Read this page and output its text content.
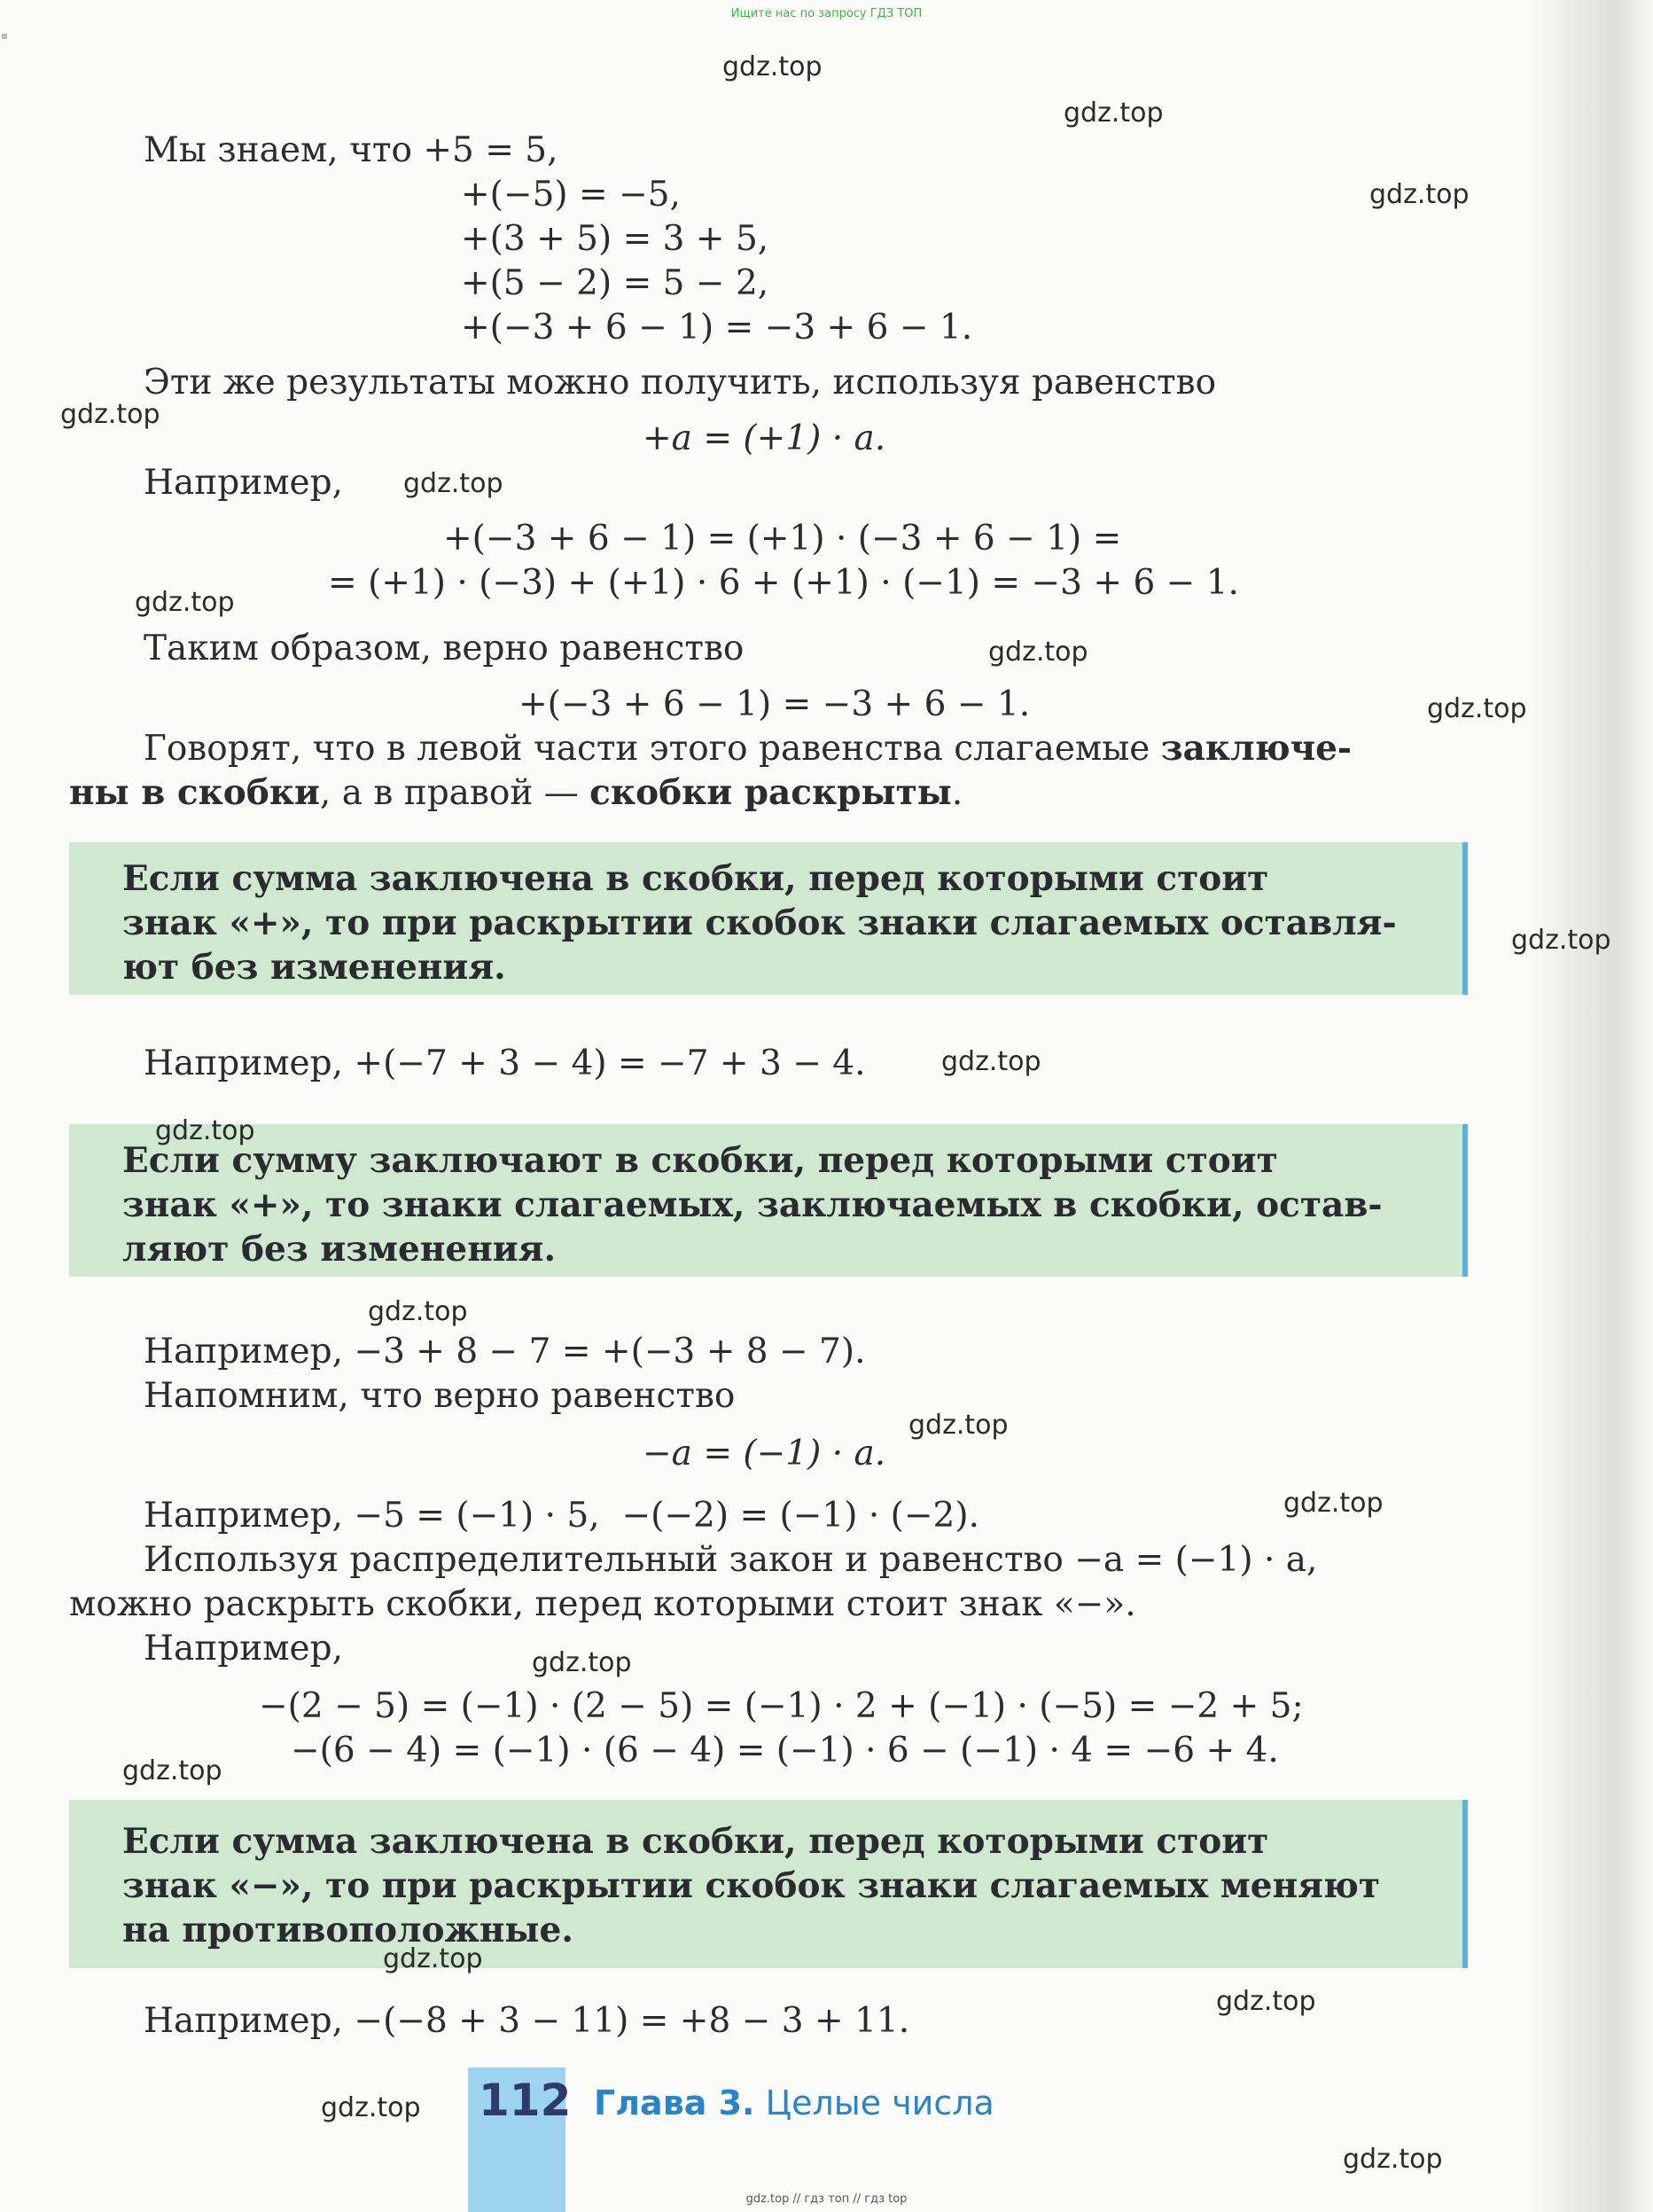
Ищите нас по запросу ГДЗ ТОП
Мы знаем, что +5 = 5,
+(−5) = −5,
+(3 + 5) = 3 + 5,
+(5 − 2) = 5 − 2,
+(−3 + 6 − 1) = −3 + 6 − 1.
Эти же результаты можно получить, используя равенство
+a = (+1) · a.
Например,
+(−3 + 6 − 1) = (+1) · (−3 + 6 − 1) =
= (+1) · (−3) + (+1) · 6 + (+1) · (−1) = −3 + 6 − 1.
Таким образом, верно равенство
+(−3 + 6 − 1) = −3 + 6 − 1.
Говорят, что в левой части этого равенства слагаемые заключе-
ны в скобки, а в правой — скобки раскрыты.
Если сумма заключена в скобки, перед которыми стоит
знак «+», то при раскрытии скобок знаки слагаемых оставля-
ют без изменения.
Например, +(−7 + 3 − 4) = −7 + 3 − 4.
Если сумму заключают в скобки, перед которыми стоит
знак «+», то знаки слагаемых, заключаемых в скобки, остав-
ляют без изменения.
Например, −3 + 8 − 7 = +(−3 + 8 − 7).
Напомним, что верно равенство
−a = (−1) · a.
Например, −5 = (−1) · 5,  −(−2) = (−1) · (−2).
Используя распределительный закон и равенство −a = (−1) · a,
можно раскрыть скобки, перед которыми стоит знак «−».
Например,
−(2 − 5) = (−1) · (2 − 5) = (−1) · 2 + (−1) · (−5) = −2 + 5;
−(6 − 4) = (−1) · (6 − 4) = (−1) · 6 − (−1) · 4 = −6 + 4.
Если сумма заключена в скобки, перед которыми стоит
знак «−», то при раскрытии скобок знаки слагаемых меняют
на противоположные.
Например, −(−8 + 3 − 11) = +8 − 3 + 11.
112 Глава 3. Целые числа
gdz.top // гдз топ // гдз top
gdz.top
gdz.top
gdz.top
gdz.top
gdz.top
gdz.top
gdz.top
gdz.top
gdz.top
gdz.top
gdz.top
gdz.top
gdz.top
gdz.top
gdz.top
gdz.top
gdz.top
gdz.top
gdz.top
gdz.top
